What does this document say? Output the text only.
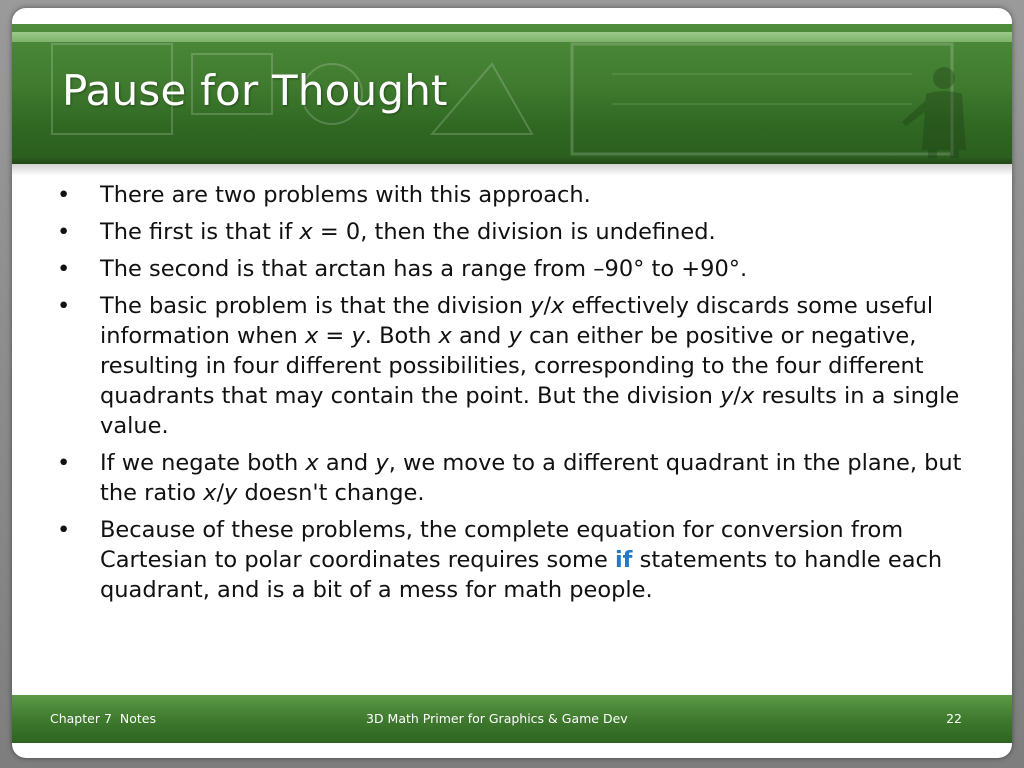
Pause for Thought
• There are two problems with this approach.
• The first is that if x = 0, then the division is undefined.
• The second is that arctan has a range from –90° to +90°.
• The basic problem is that the division y/x effectively discards some useful information when x = y. Both x and y can either be positive or negative, resulting in four different possibilities, corresponding to the four different quadrants that may contain the point. But the division y/x results in a single value.
• If we negate both x and y, we move to a different quadrant in the plane, but the ratio x/y doesn't change.
• Because of these problems, the complete equation for conversion from Cartesian to polar coordinates requires some if statements to handle each quadrant, and is a bit of a mess for math people.
Chapter 7  Notes	3D Math Primer for Graphics & Game Dev	22
